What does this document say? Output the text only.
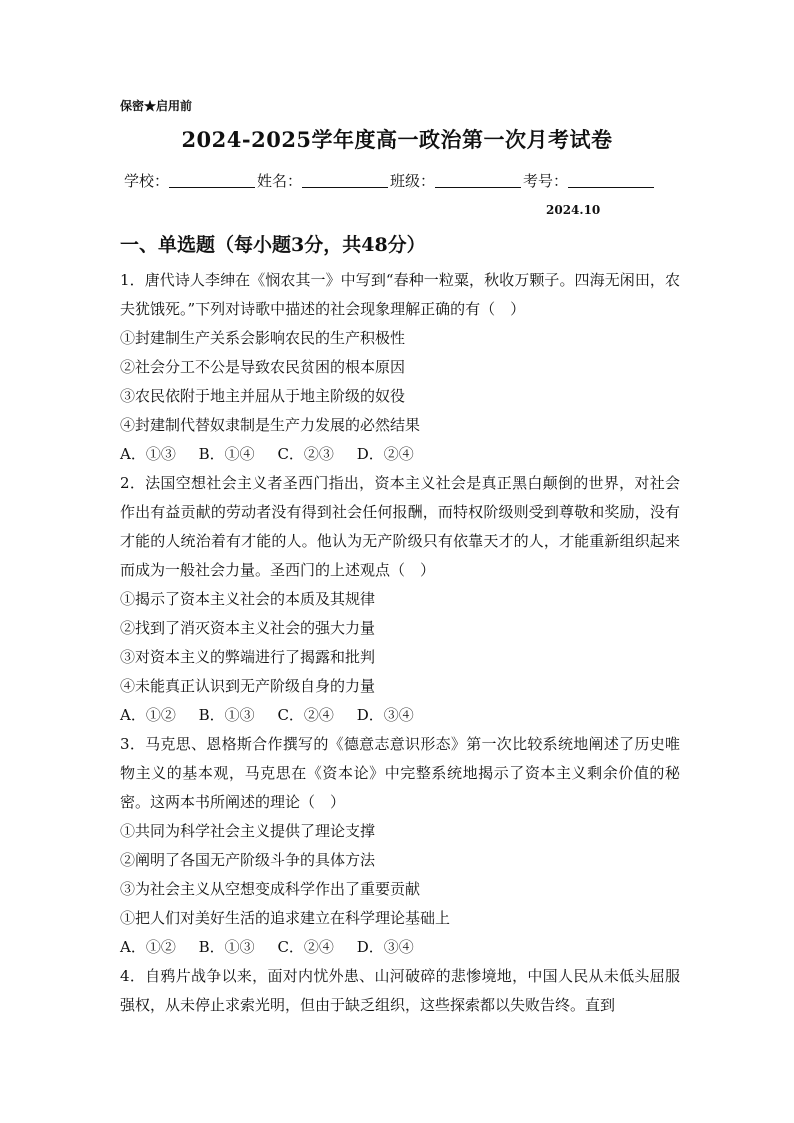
保密★启用前
2024-2025学年度高一政治第一次月考试卷
学校：	姓名：	班级：	考号：
2024.10
一、单选题（每小题3分，共48分）
1．唐代诗人李绅在《悯农其一》中写到“春种一粒粟，秋收万颗子。四海无闲田，农夫犹饿死。”下列对诗歌中描述的社会现象理解正确的有（　）
①封建制生产关系会影响农民的生产积极性
②社会分工不公是导致农民贫困的根本原因
③农民依附于地主并屈从于地主阶级的奴役
④封建制代替奴隶制是生产力发展的必然结果
A．①③ B．①④ C．②③ D．②④
2．法国空想社会主义者圣西门指出，资本主义社会是真正黑白颠倒的世界，对社会作出有益贡献的劳动者没有得到社会任何报酬，而特权阶级则受到尊敬和奖励，没有才能的人统治着有才能的人。他认为无产阶级只有依靠天才的人，才能重新组织起来而成为一般社会力量。圣西门的上述观点（　）
①揭示了资本主义社会的本质及其规律
②找到了消灭资本主义社会的强大力量
③对资本主义的弊端进行了揭露和批判
④未能真正认识到无产阶级自身的力量
A．①② B．①③ C．②④ D．③④
3．马克思、恩格斯合作撰写的《德意志意识形态》第一次比较系统地阐述了历史唯物主义的基本观，马克思在《资本论》中完整系统地揭示了资本主义剩余价值的秘密。这两本书所阐述的理论（　）
①共同为科学社会主义提供了理论支撑
②阐明了各国无产阶级斗争的具体方法
③为社会主义从空想变成科学作出了重要贡献
①把人们对美好生活的追求建立在科学理论基础上
A．①② B．①③ C．②④ D．③④
4．自鸦片战争以来，面对内忧外患、山河破碎的悲惨境地，中国人民从未低头屈服强权，从未停止求索光明，但由于缺乏组织，这些探索都以失败告终。直到
